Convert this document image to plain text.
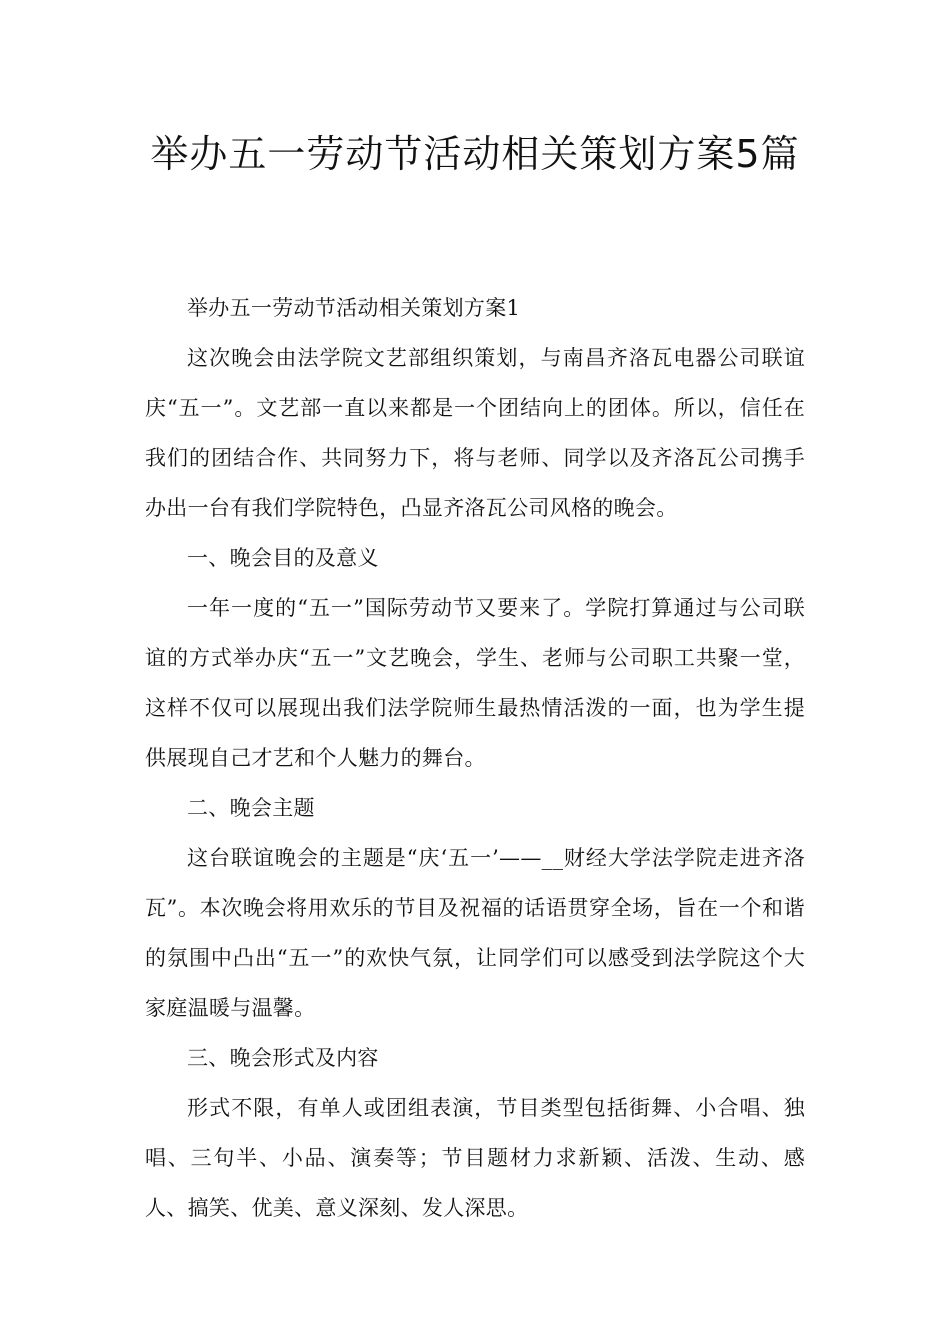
举办五一劳动节活动相关策划方案5篇

举办五一劳动节活动相关策划方案1

这次晚会由法学院文艺部组织策划，与南昌齐洛瓦电器公司联谊庆“五一”。文艺部一直以来都是一个团结向上的团体。所以，信任在我们的团结合作、共同努力下，将与老师、同学以及齐洛瓦公司携手办出一台有我们学院特色，凸显齐洛瓦公司风格的晚会。

一、晚会目的及意义

一年一度的“五一”国际劳动节又要来了。学院打算通过与公司联谊的方式举办庆“五一”文艺晚会，学生、老师与公司职工共聚一堂，这样不仅可以展现出我们法学院师生最热情活泼的一面，也为学生提供展现自己才艺和个人魅力的舞台。

二、晚会主题

这台联谊晚会的主题是“庆‘五一’——__财经大学法学院走进齐洛瓦”。本次晚会将用欢乐的节目及祝福的话语贯穿全场，旨在一个和谐的氛围中凸出“五一”的欢快气氛，让同学们可以感受到法学院这个大家庭温暖与温馨。

三、晚会形式及内容

形式不限，有单人或团组表演，节目类型包括街舞、小合唱、独唱、三句半、小品、演奏等；节目题材力求新颖、活泼、生动、感人、搞笑、优美、意义深刻、发人深思。
